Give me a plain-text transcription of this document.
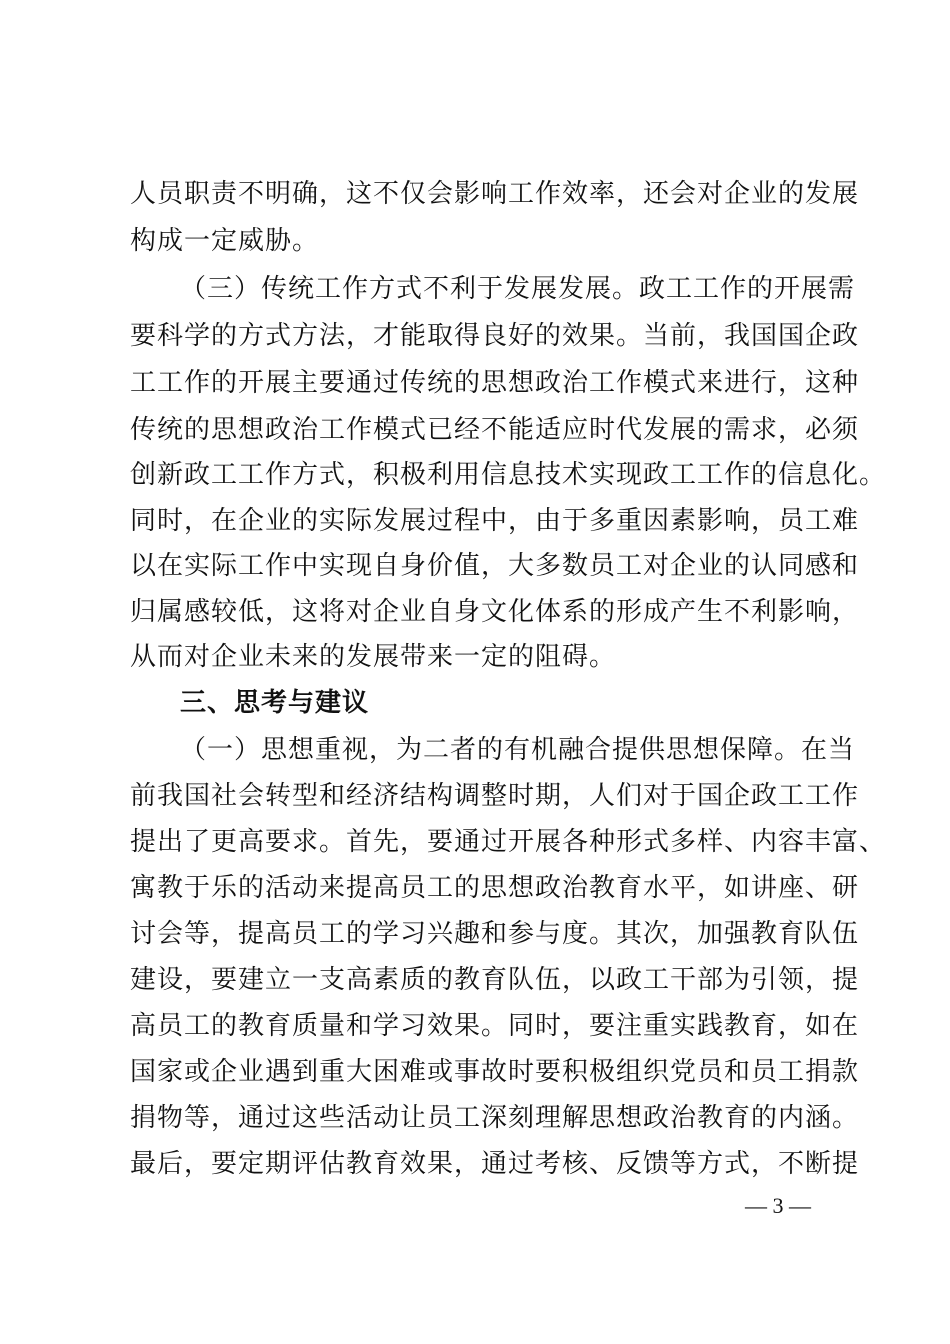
人员职责不明确，这不仅会影响工作效率，还会对企业的发展
构成一定威胁。
（三）传统工作方式不利于发展发展。政工工作的开展需
要科学的方式方法，才能取得良好的效果。当前，我国国企政
工工作的开展主要通过传统的思想政治工作模式来进行，这种
传统的思想政治工作模式已经不能适应时代发展的需求，必须
创新政工工作方式，积极利用信息技术实现政工工作的信息化。
同时，在企业的实际发展过程中，由于多重因素影响，员工难
以在实际工作中实现自身价值，大多数员工对企业的认同感和
归属感较低，这将对企业自身文化体系的形成产生不利影响，
从而对企业未来的发展带来一定的阻碍。
三、思考与建议
（一）思想重视，为二者的有机融合提供思想保障。在当
前我国社会转型和经济结构调整时期，人们对于国企政工工作
提出了更高要求。首先，要通过开展各种形式多样、内容丰富、
寓教于乐的活动来提高员工的思想政治教育水平，如讲座、研
讨会等，提高员工的学习兴趣和参与度。其次，加强教育队伍
建设，要建立一支高素质的教育队伍，以政工干部为引领，提
高员工的教育质量和学习效果。同时，要注重实践教育，如在
国家或企业遇到重大困难或事故时要积极组织党员和员工捐款
捐物等，通过这些活动让员工深刻理解思想政治教育的内涵。
最后，要定期评估教育效果，通过考核、反馈等方式，不断提
— 3 —
